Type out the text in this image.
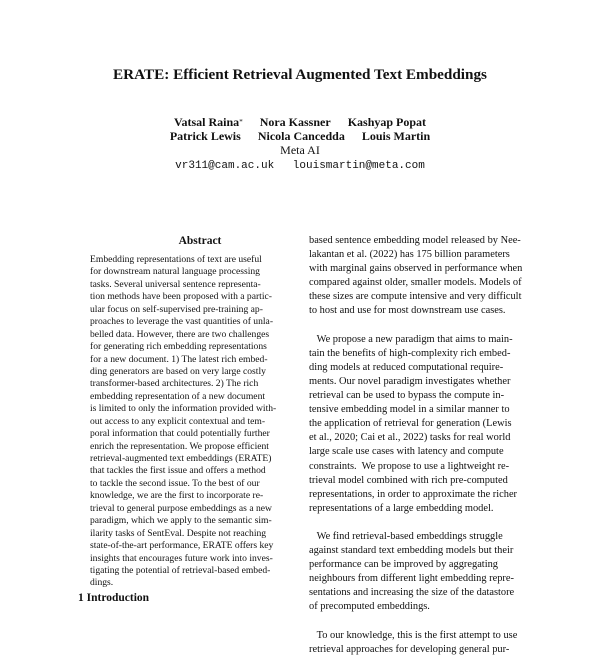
ERATE: Efficient Retrieval Augmented Text Embeddings
Vatsal Raina* Nora Kassner Kashyap Popat
Patrick Lewis Nicola Cancedda Louis Martin
Meta AI
vr311@cam.ac.uk louismartin@meta.com
Abstract
Embedding representations of text are useful
for downstream natural language processing
tasks. Several universal sentence representa-
tion methods have been proposed with a partic-
ular focus on self-supervised pre-training ap-
proaches to leverage the vast quantities of unla-
belled data. However, there are two challenges
for generating rich embedding representations
for a new document. 1) The latest rich embed-
ding generators are based on very large costly
transformer-based architectures. 2) The rich
embedding representation of a new document
is limited to only the information provided with-
out access to any explicit contextual and tem-
poral information that could potentially further
enrich the representation. We propose efficient
retrieval-augmented text embeddings (ERATE)
that tackles the first issue and offers a method
to tackle the second issue. To the best of our
knowledge, we are the first to incorporate re-
trieval to general purpose embeddings as a new
paradigm, which we apply to the semantic sim-
ilarity tasks of SentEval. Despite not reaching
state-of-the-art performance, ERATE offers key
insights that encourages future work into inves-
tigating the potential of retrieval-based embed-
dings.
based sentence embedding model released by Nee-
lakantan et al. (2022) has 175 billion parameters
with marginal gains observed in performance when
compared against older, smaller models. Models of
these sizes are compute intensive and very difficult
to host and use for most downstream use cases.
We propose a new paradigm that aims to main-
tain the benefits of high-complexity rich embed-
ding models at reduced computational require-
ments. Our novel paradigm investigates whether
retrieval can be used to bypass the compute in-
tensive embedding model in a similar manner to
the application of retrieval for generation (Lewis
et al., 2020; Cai et al., 2022) tasks for real world
large scale use cases with latency and compute
constraints.  We propose to use a lightweight re-
trieval model combined with rich pre-computed
representations, in order to approximate the richer
representations of a large embedding model.
We find retrieval-based embeddings struggle
against standard text embedding models but their
performance can be improved by aggregating
neighbours from different light embedding repre-
sentations and increasing the size of the datastore
of precomputed embeddings.
To our knowledge, this is the first attempt to use
retrieval approaches for developing general pur-
1 Introduction
